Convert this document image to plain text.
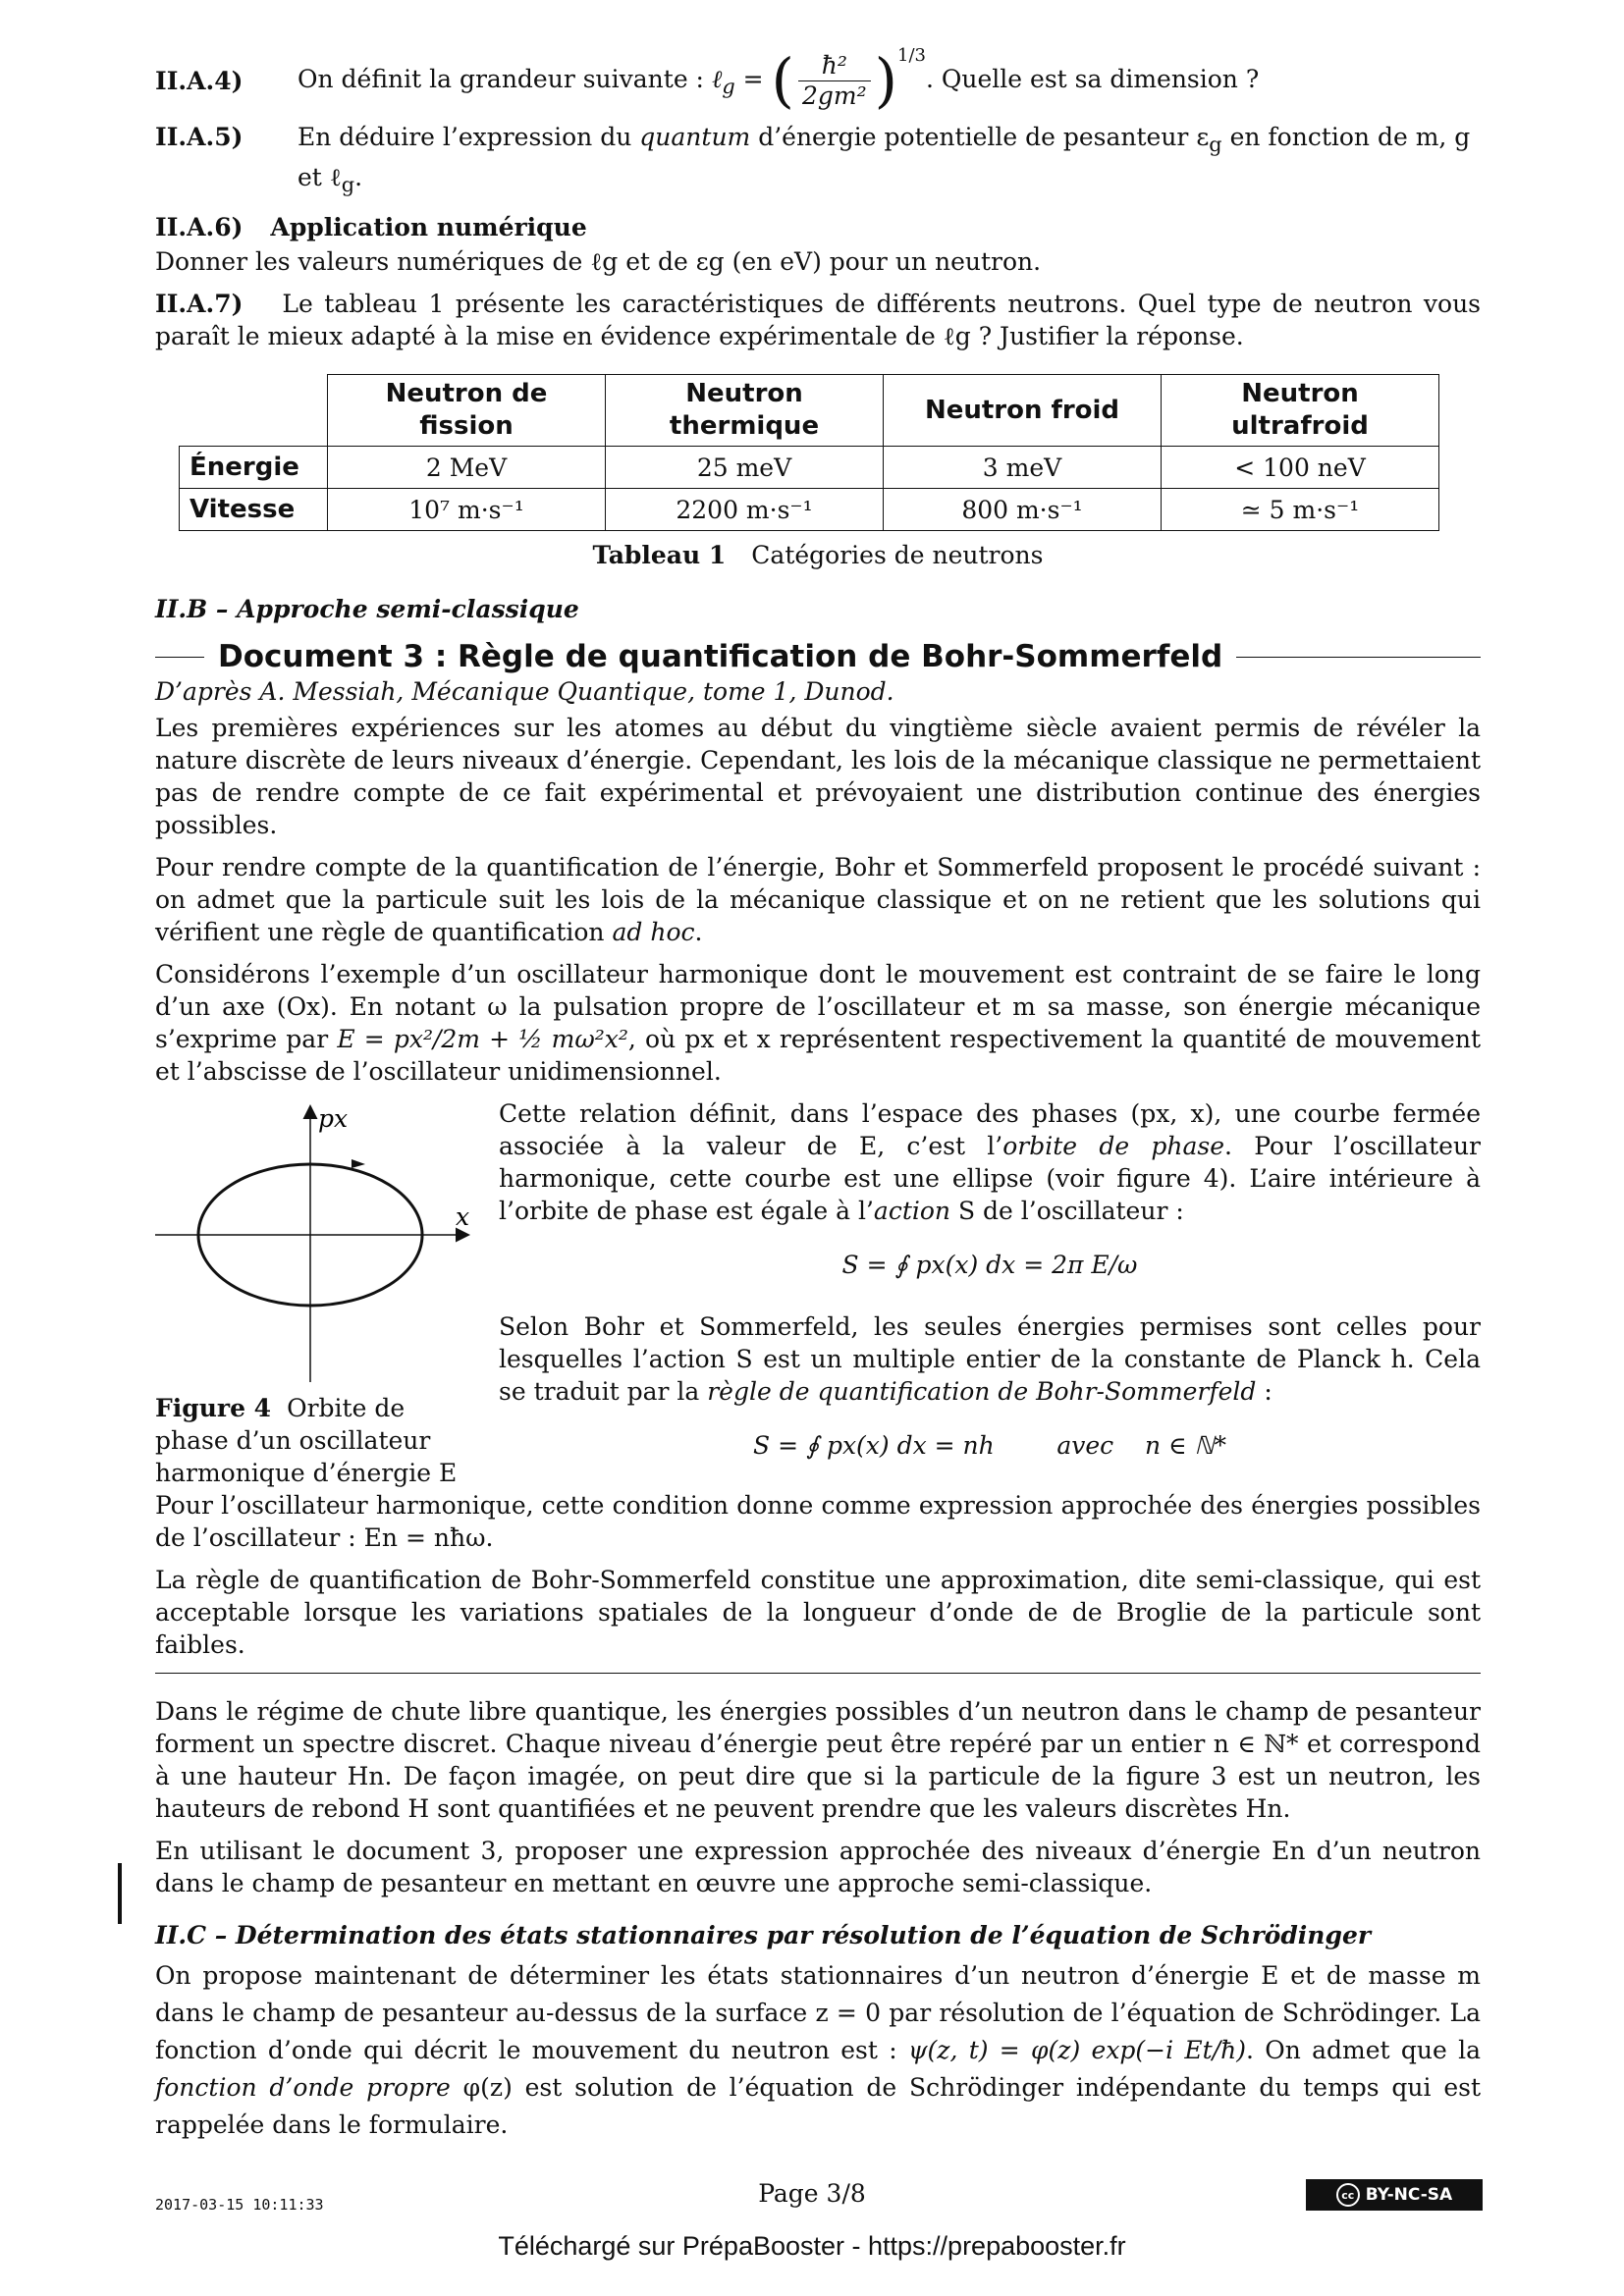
II.A.4)	On définit la grandeur suivante : ℓ$_g$ = ( $\frac{\text{ħ²}}{\text{2gm²}} )^{1/3}$. Quelle est sa dimension ?
II.A.5)	En déduire l’expression du quantum d’énergie potentielle de pesanteur $\varepsilon_g$ en fonction de m, g et ℓ$_g$.
II.A.6) Application numérique

Donner les valeurs numériques de ℓg et de εg (en eV) pour un neutron.

II.A.7) Le tableau 1 présente les caractéristiques de différents neutrons. Quel type de neutron vous paraît le mieux adapté à la mise en évidence expérimentale de ℓg ? Justifier la réponse.

	Neutron de fission	Neutron thermique	Neutron froid	Neutron ultrafroid
Énergie	2 MeV	25 meV	3 meV	< 100 neV
Vitesse	10⁷ m·s⁻¹	2200 m·s⁻¹	800 m·s⁻¹	≃ 5 m·s⁻¹
Tableau 1 Catégories de neutrons
II.B – Approche semi-classique
Document 3 : Règle de quantification de Bohr-Sommerfeld

D’après A. Messiah, Mécanique Quantique, tome 1, Dunod.

Les premières expériences sur les atomes au début du vingtième siècle avaient permis de révéler la nature discrète de leurs niveaux d’énergie. Cependant, les lois de la mécanique classique ne permettaient pas de rendre compte de ce fait expérimental et prévoyaient une distribution continue des énergies possibles.

Pour rendre compte de la quantification de l’énergie, Bohr et Sommerfeld proposent le procédé suivant : on admet que la particule suit les lois de la mécanique classique et on ne retient que les solutions qui vérifient une règle de quantification ad hoc.

Considérons l’exemple d’un oscillateur harmonique dont le mouvement est contraint de se faire le long d’un axe (Ox). En notant ω la pulsation propre de l’oscillateur et m sa masse, son énergie mécanique s’exprime par E = px²/2m + ½ mω²x², où px et x représentent respectivement la quantité de mouvement et l’abscisse de l’oscillateur unidimensionnel.

px
x
Figure 4 Orbite de phase d’un oscillateur harmonique d’énergie E

Cette relation définit, dans l’espace des phases (px, x), une courbe fermée associée à la valeur de E, c’est l’orbite de phase. Pour l’oscillateur harmonique, cette courbe est une ellipse (voir figure 4). L’aire intérieure à l’orbite de phase est égale à l’action S de l’oscillateur :

S = ∮ px(x) dx = 2π E/ω

Selon Bohr et Sommerfeld, les seules énergies permises sont celles pour lesquelles l’action S est un multiple entier de la constante de Planck h. Cela se traduit par la règle de quantification de Bohr-Sommerfeld :

S = ∮ px(x) dx = nh        avec    n ∈ ℕ*

Pour l’oscillateur harmonique, cette condition donne comme expression approchée des énergies possibles de l’oscillateur : En = nħω.

La règle de quantification de Bohr-Sommerfeld constitue une approximation, dite semi-classique, qui est acceptable lorsque les variations spatiales de la longueur d’onde de de Broglie de la particule sont faibles.

Dans le régime de chute libre quantique, les énergies possibles d’un neutron dans le champ de pesanteur forment un spectre discret. Chaque niveau d’énergie peut être repéré par un entier n ∈ ℕ* et correspond à une hauteur Hn. De façon imagée, on peut dire que si la particule de la figure 3 est un neutron, les hauteurs de rebond H sont quantifiées et ne peuvent prendre que les valeurs discrètes Hn.

En utilisant le document 3, proposer une expression approchée des niveaux d’énergie En d’un neutron dans le champ de pesanteur en mettant en œuvre une approche semi-classique.

II.C – Détermination des états stationnaires par résolution de l’équation de Schrödinger

On propose maintenant de déterminer les états stationnaires d’un neutron d’énergie E et de masse m dans le champ de pesanteur au-dessus de la surface z = 0 par résolution de l’équation de Schrödinger. La fonction d’onde qui décrit le mouvement du neutron est : ψ(z, t) = φ(z) exp(−i Et/ħ). On admet que la fonction d’onde propre φ(z) est solution de l’équation de Schrödinger indépendante du temps qui est rappelée dans le formulaire.

2017-03-15 10:11:33	Page 3/8	cc BY-NC-SA
Téléchargé sur PrépaBooster - https://prepabooster.fr
